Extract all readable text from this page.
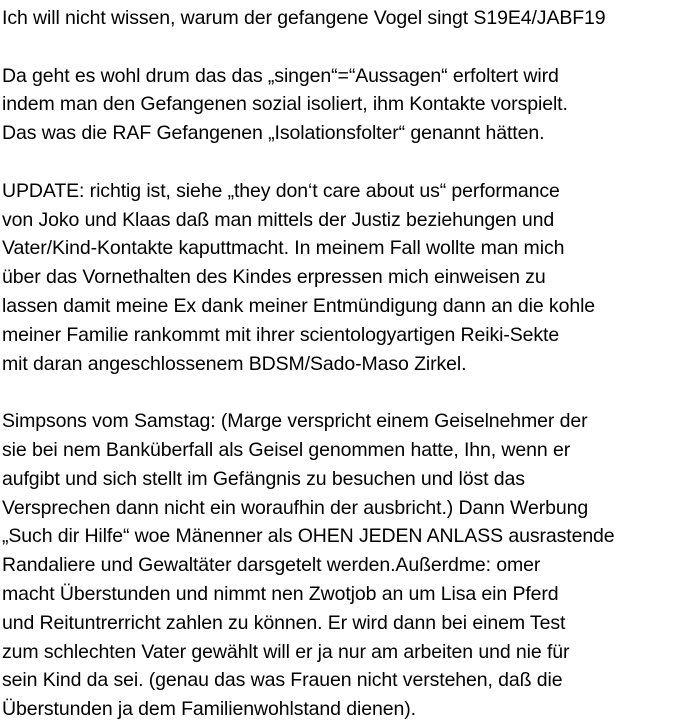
Ich will nicht wissen, warum der gefangene Vogel singt S19E4/JABF19
Da geht es wohl drum das das „singen“=“Aussagen“ erfoltert wird
indem man den Gefangenen sozial isoliert, ihm Kontakte vorspielt.
Das was die RAF Gefangenen „Isolationsfolter“ genannt hätten.
UPDATE: richtig ist, siehe „they don‘t care about us“ performance
von Joko und Klaas daß man mittels der Justiz beziehungen und
Vater/Kind-Kontakte kaputtmacht. In meinem Fall wollte man mich
über das Vornethalten des Kindes erpressen mich einweisen zu
lassen damit meine Ex dank meiner Entmündigung dann an die kohle
meiner Familie rankommt mit ihrer scientologyartigen Reiki-Sekte
mit daran angeschlossenem BDSM/Sado-Maso Zirkel.
Simpsons vom Samstag: (Marge verspricht einem Geiselnehmer der
sie bei nem Banküberfall als Geisel genommen hatte, Ihn, wenn er
aufgibt und sich stellt im Gefängnis zu besuchen und löst das
Versprechen dann nicht ein woraufhin der ausbricht.) Dann Werbung
„Such dir Hilfe“ woe Mänenner als OHEN JEDEN ANLASS ausrastende
Randaliere und Gewaltäter darsgetelt werden.Außerdme: omer
macht Überstunden und nimmt nen Zwotjob an um Lisa ein Pferd
und Reituntrerricht zahlen zu können. Er wird dann bei einem Test
zum schlechten Vater gewählt will er ja nur am arbeiten und nie für
sein Kind da sei. (genau das was Frauen nicht verstehen, daß die
Überstunden ja dem Familienwohlstand dienen).
